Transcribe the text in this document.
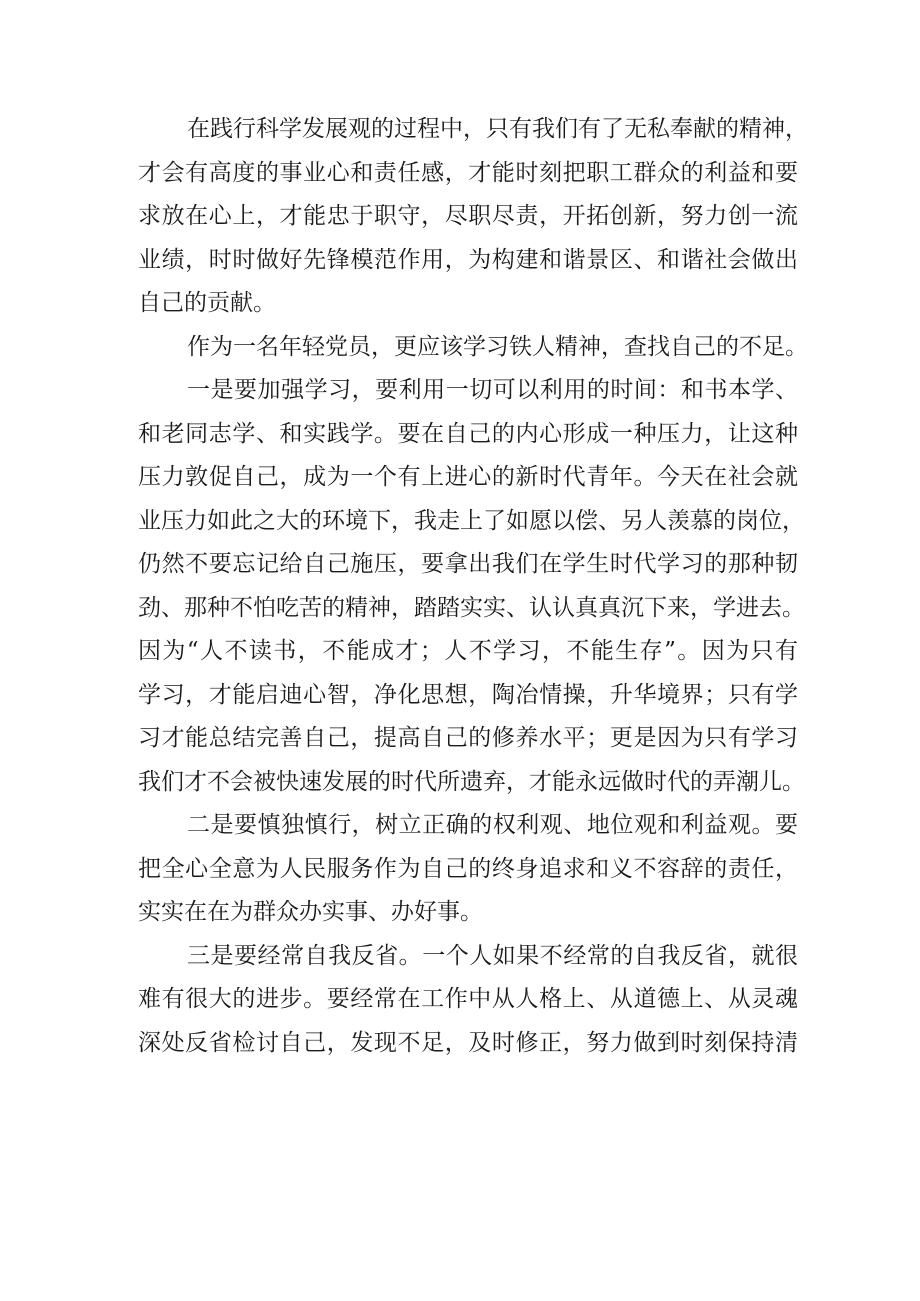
在践行科学发展观的过程中，只有我们有了无私奉献的精神，
才会有高度的事业心和责任感，才能时刻把职工群众的利益和要
求放在心上，才能忠于职守，尽职尽责，开拓创新，努力创一流
业绩，时时做好先锋模范作用，为构建和谐景区、和谐社会做出
自己的贡献。
作为一名年轻党员，更应该学习铁人精神，查找自己的不足。
一是要加强学习，要利用一切可以利用的时间：和书本学、
和老同志学、和实践学。要在自己的内心形成一种压力，让这种
压力敦促自己，成为一个有上进心的新时代青年。今天在社会就
业压力如此之大的环境下，我走上了如愿以偿、另人羡慕的岗位，
仍然不要忘记给自己施压，要拿出我们在学生时代学习的那种韧
劲、那种不怕吃苦的精神，踏踏实实、认认真真沉下来，学进去。
因为“人不读书，不能成才；人不学习，不能生存”。因为只有
学习，才能启迪心智，净化思想，陶冶情操，升华境界；只有学
习才能总结完善自己，提高自己的修养水平；更是因为只有学习
我们才不会被快速发展的时代所遗弃，才能永远做时代的弄潮儿。
二是要慎独慎行，树立正确的权利观、地位观和利益观。要
把全心全意为人民服务作为自己的终身追求和义不容辞的责任，
实实在在为群众办实事、办好事。
三是要经常自我反省。一个人如果不经常的自我反省，就很
难有很大的进步。要经常在工作中从人格上、从道德上、从灵魂
深处反省检讨自己，发现不足，及时修正，努力做到时刻保持清
